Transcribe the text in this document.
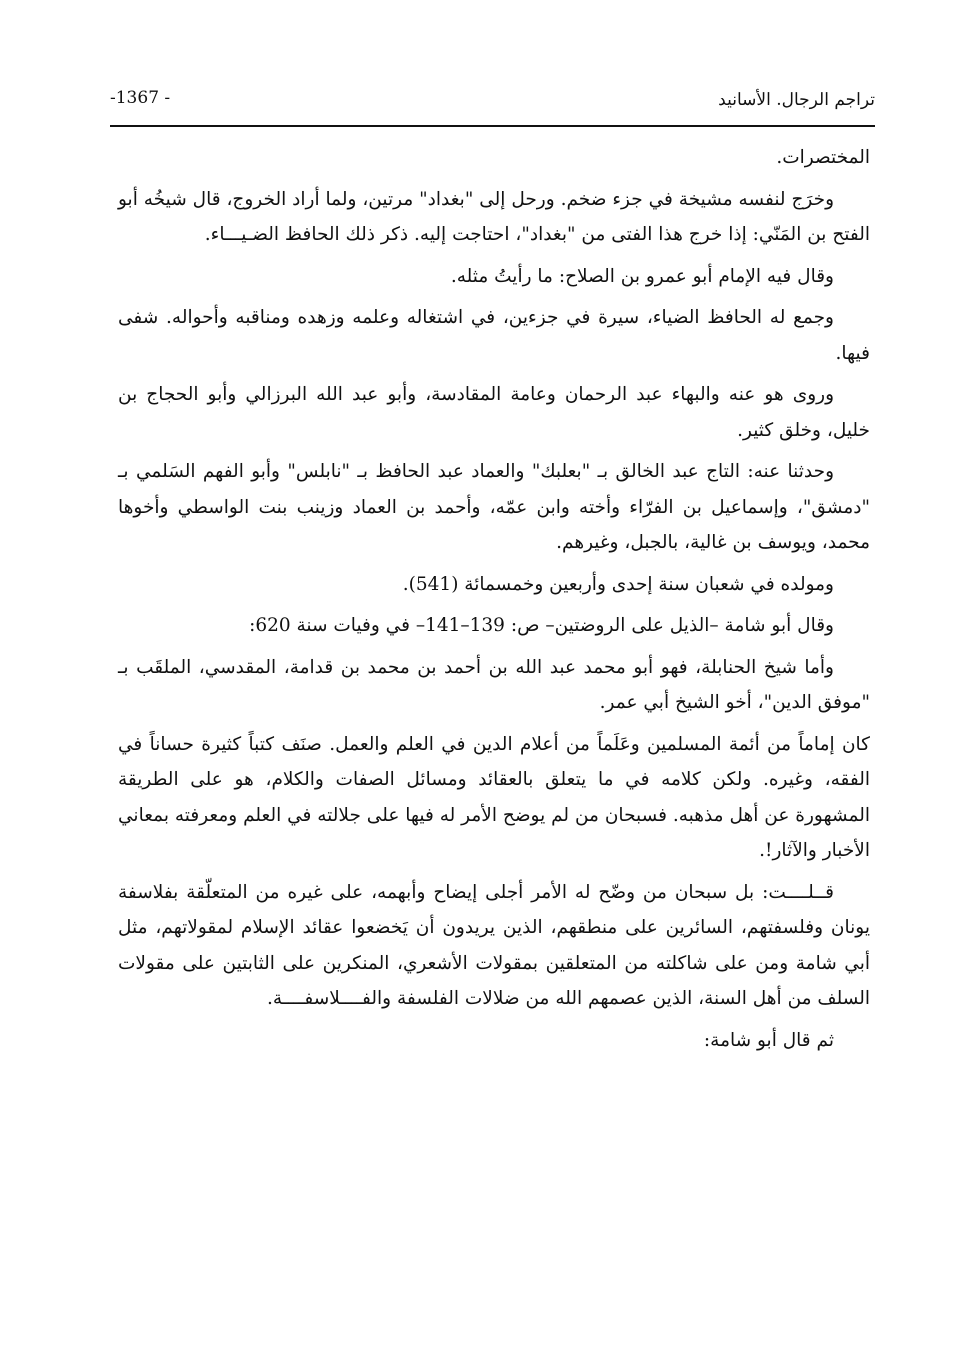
تراجم الرجال. الأسانيد
-1367 -

المختصرات.

وخرَج لنفسه مشيخة في جزء ضخم. ورحل إلى "بغداد" مرتين، ولما أراد الخروج، قال شيخُه أبو الفتح بن المَنّي: إذا خرج هذا الفتى من "بغداد"، احتاجت إليه. ذكر ذلك الحافظ الضـيـــاء.

وقال فيه الإمام أبو عمرو بن الصلاح: ما رأيتُ مثله.

وجمع له الحافظ الضياء، سيرة في جزءين، في اشتغاله وعلمه وزهده ومناقبه وأحواله. شفى فيها.

وروى هو عنه والبهاء عبد الرحمان وعامة المقادسة، وأبو عبد الله البرزالي وأبو الحجاج بن خليل، وخلق كثير.

وحدثنا عنه: التاج عبد الخالق بـ "بعلبك" والعماد عبد الحافظ بـ "نابلس" وأبو الفهم السَلمي بـ "دمشق"، وإسماعيل بن الفرّاء وأخته وابن عمّه، وأحمد بن العماد وزينب بنت الواسطي وأخوها محمد، ويوسف بن غالية، بالجبل، وغيرهم.

ومولده في شعبان سنة إحدى وأربعين وخمسمائة (541).

وقال أبو شامة –الذيل على الروضتين– ص: 139–141– في وفيات سنة 620:

وأما شيخ الحنابلة، فهو أبو محمد عبد الله بن أحمد بن محمد بن قدامة، المقدسي، الملقَب بـ "موفق الدين"، أخو الشيخ أبي عمر.

كان إماماً من أئمة المسلمين وعَلَماً من أعلام الدين في العلم والعمل. صنَف كتباً كثيرة حساناً في الفقه، وغيره. ولكن كلامه في ما يتعلق بالعقائد ومسائل الصفات والكلام، هو على الطريقة المشهورة عن أهل مذهبه. فسبحان من لم يوضح الأمر له فيها على جلالته في العلم ومعرفته بمعاني الأخبار والآثار!.

قــلــــت: بل سبحان من وضّح له الأمر أجلى إيضاح وأبهمه، على غيره من المتعلّقة بفلاسفة يونان وفلسفتهم، السائرين على منطقهم، الذين يريدون أن يَخضعوا عقائد الإسلام لمقولاتهم، مثل أبي شامة ومن على شاكلته من المتعلقين بمقولات الأشعري، المنكرين على الثابتين على مقولات السلف من أهل السنة، الذين عصمهم الله من ضلالات الفلسفة والفــــلاسفــــة.

ثم قال أبو شامة:
